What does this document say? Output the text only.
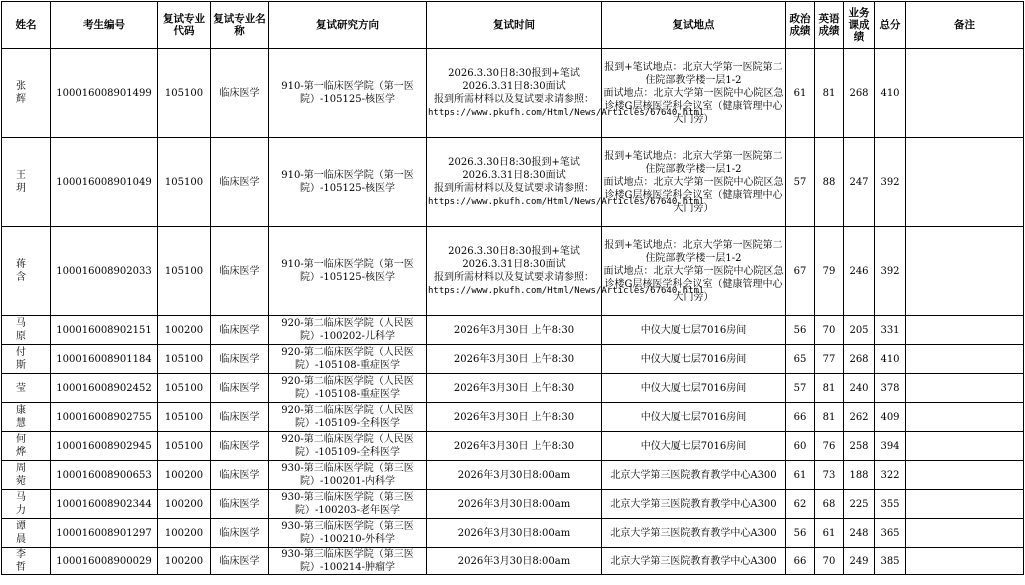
姓名	考生编号	复试专业代码	复试专业名称	复试研究方向	复试时间	复试地点	政治成绩	英语成绩	业务课成绩	总分	备注
张 辉	100016008901499	105100	临床医学	910-第一临床医学院（第一医院）-105125-核医学	2026.3.30日8:30报到+笔试
2026.3.31日8:30面试
报到所需材料以及复试要求请参照：
https://www.pkufh.com/Html/News/Articles/67640.html	报到+笔试地点：北京大学第一医院第二住院部教学楼一层1-2
面试地点：北京大学第一医院中心院区急诊楼G层核医学科会议室（健康管理中心大门旁）	61	81	268	410	
王 玥	100016008901049	105100	临床医学	910-第一临床医学院（第一医院）-105125-核医学	2026.3.30日8:30报到+笔试
2026.3.31日8:30面试
报到所需材料以及复试要求请参照：
https://www.pkufh.com/Html/News/Articles/67640.html	报到+笔试地点：北京大学第一医院第二住院部教学楼一层1-2
面试地点：北京大学第一医院中心院区急诊楼G层核医学科会议室（健康管理中心大门旁）	57	88	247	392	
蒋 含	100016008902033	105100	临床医学	910-第一临床医学院（第一医院）-105125-核医学	2026.3.30日8:30报到+笔试
2026.3.31日8:30面试
报到所需材料以及复试要求请参照：
https://www.pkufh.com/Html/News/Articles/67640.html	报到+笔试地点：北京大学第一医院第二住院部教学楼一层1-2
面试地点：北京大学第一医院中心院区急诊楼G层核医学科会议室（健康管理中心大门旁）	67	79	246	392	
马 原	100016008902151	100200	临床医学	920-第二临床医学院（人民医院）-100202-儿科学	2026年3月30日 上午8:30	中仪大厦七层7016房间	56	70	205	331	
付 斯	100016008901184	105100	临床医学	920-第二临床医学院（人民医院）-105108-重症医学	2026年3月30日 上午8:30	中仪大厦七层7016房间	65	77	268	410	
莹	100016008902452	105100	临床医学	920-第二临床医学院（人民医院）-105108-重症医学	2026年3月30日 上午8:30	中仪大厦七层7016房间	57	81	240	378	
康 慧	100016008902755	105100	临床医学	920-第二临床医学院（人民医院）-105109-全科医学	2026年3月30日 上午8:30	中仪大厦七层7016房间	66	81	262	409	
何 烨	100016008902945	105100	临床医学	920-第二临床医学院（人民医院）-105109-全科医学	2026年3月30日 上午8:30	中仪大厦七层7016房间	60	76	258	394	
周 菀	100016008900653	100200	临床医学	930-第三临床医学院（第三医院）-100201-内科学	2026年3月30日8:00am	北京大学第三医院教育教学中心A300	61	73	188	322	
马 力	100016008902344	100200	临床医学	930-第三临床医学院（第三医院）-100203-老年医学	2026年3月30日8:00am	北京大学第三医院教育教学中心A300	62	68	225	355	
谭 晨	100016008901297	100200	临床医学	930-第三临床医学院（第三医院）-100210-外科学	2026年3月30日8:00am	北京大学第三医院教育教学中心A300	56	61	248	365	
李 哲	100016008900029	100200	临床医学	930-第三临床医学院（第三医院）-100214-肿瘤学	2026年3月30日8:00am	北京大学第三医院教育教学中心A300	66	70	249	385	
